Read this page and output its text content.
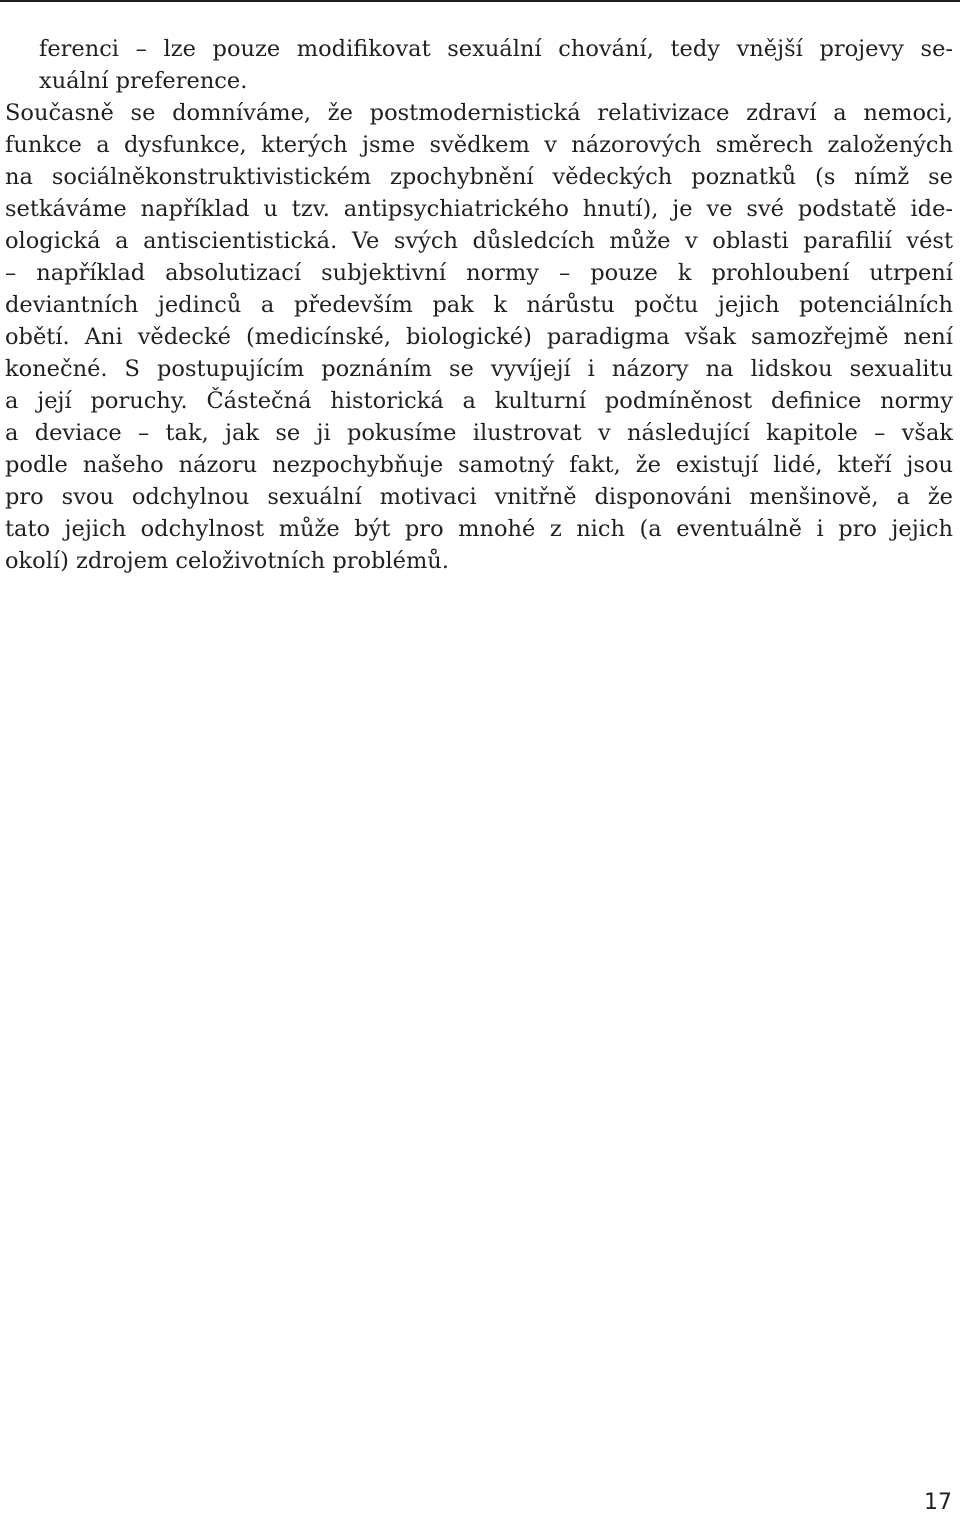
ferenci – lze pouze modifikovat sexuální chování, tedy vnější projevy se-
xuální preference.
Současně se domníváme, že postmodernistická relativizace zdraví a nemoci,
funkce a dysfunkce, kterých jsme svědkem v názorových směrech založených
na sociálněkonstruktivistickém zpochybnění vědeckých poznatků (s nímž se
setkáváme například u tzv. antipsychiatrického hnutí), je ve své podstatě ide-
ologická a antiscientistická. Ve svých důsledcích může v oblasti parafilií vést
– například absolutizací subjektivní normy – pouze k prohloubení utrpení
deviantních jedinců a především pak k nárůstu počtu jejich potenciálních
obětí. Ani vědecké (medicínské, biologické) paradigma však samozřejmě není
konečné. S postupujícím poznáním se vyvíjejí i názory na lidskou sexualitu
a její poruchy. Částečná historická a kulturní podmíněnost definice normy
a deviace – tak, jak se ji pokusíme ilustrovat v následující kapitole – však
podle našeho názoru nezpochybňuje samotný fakt, že existují lidé, kteří jsou
pro svou odchylnou sexuální motivaci vnitřně disponováni menšinově, a že
tato jejich odchylnost může být pro mnohé z nich (a eventuálně i pro jejich
okolí) zdrojem celoživotních problémů.
17
